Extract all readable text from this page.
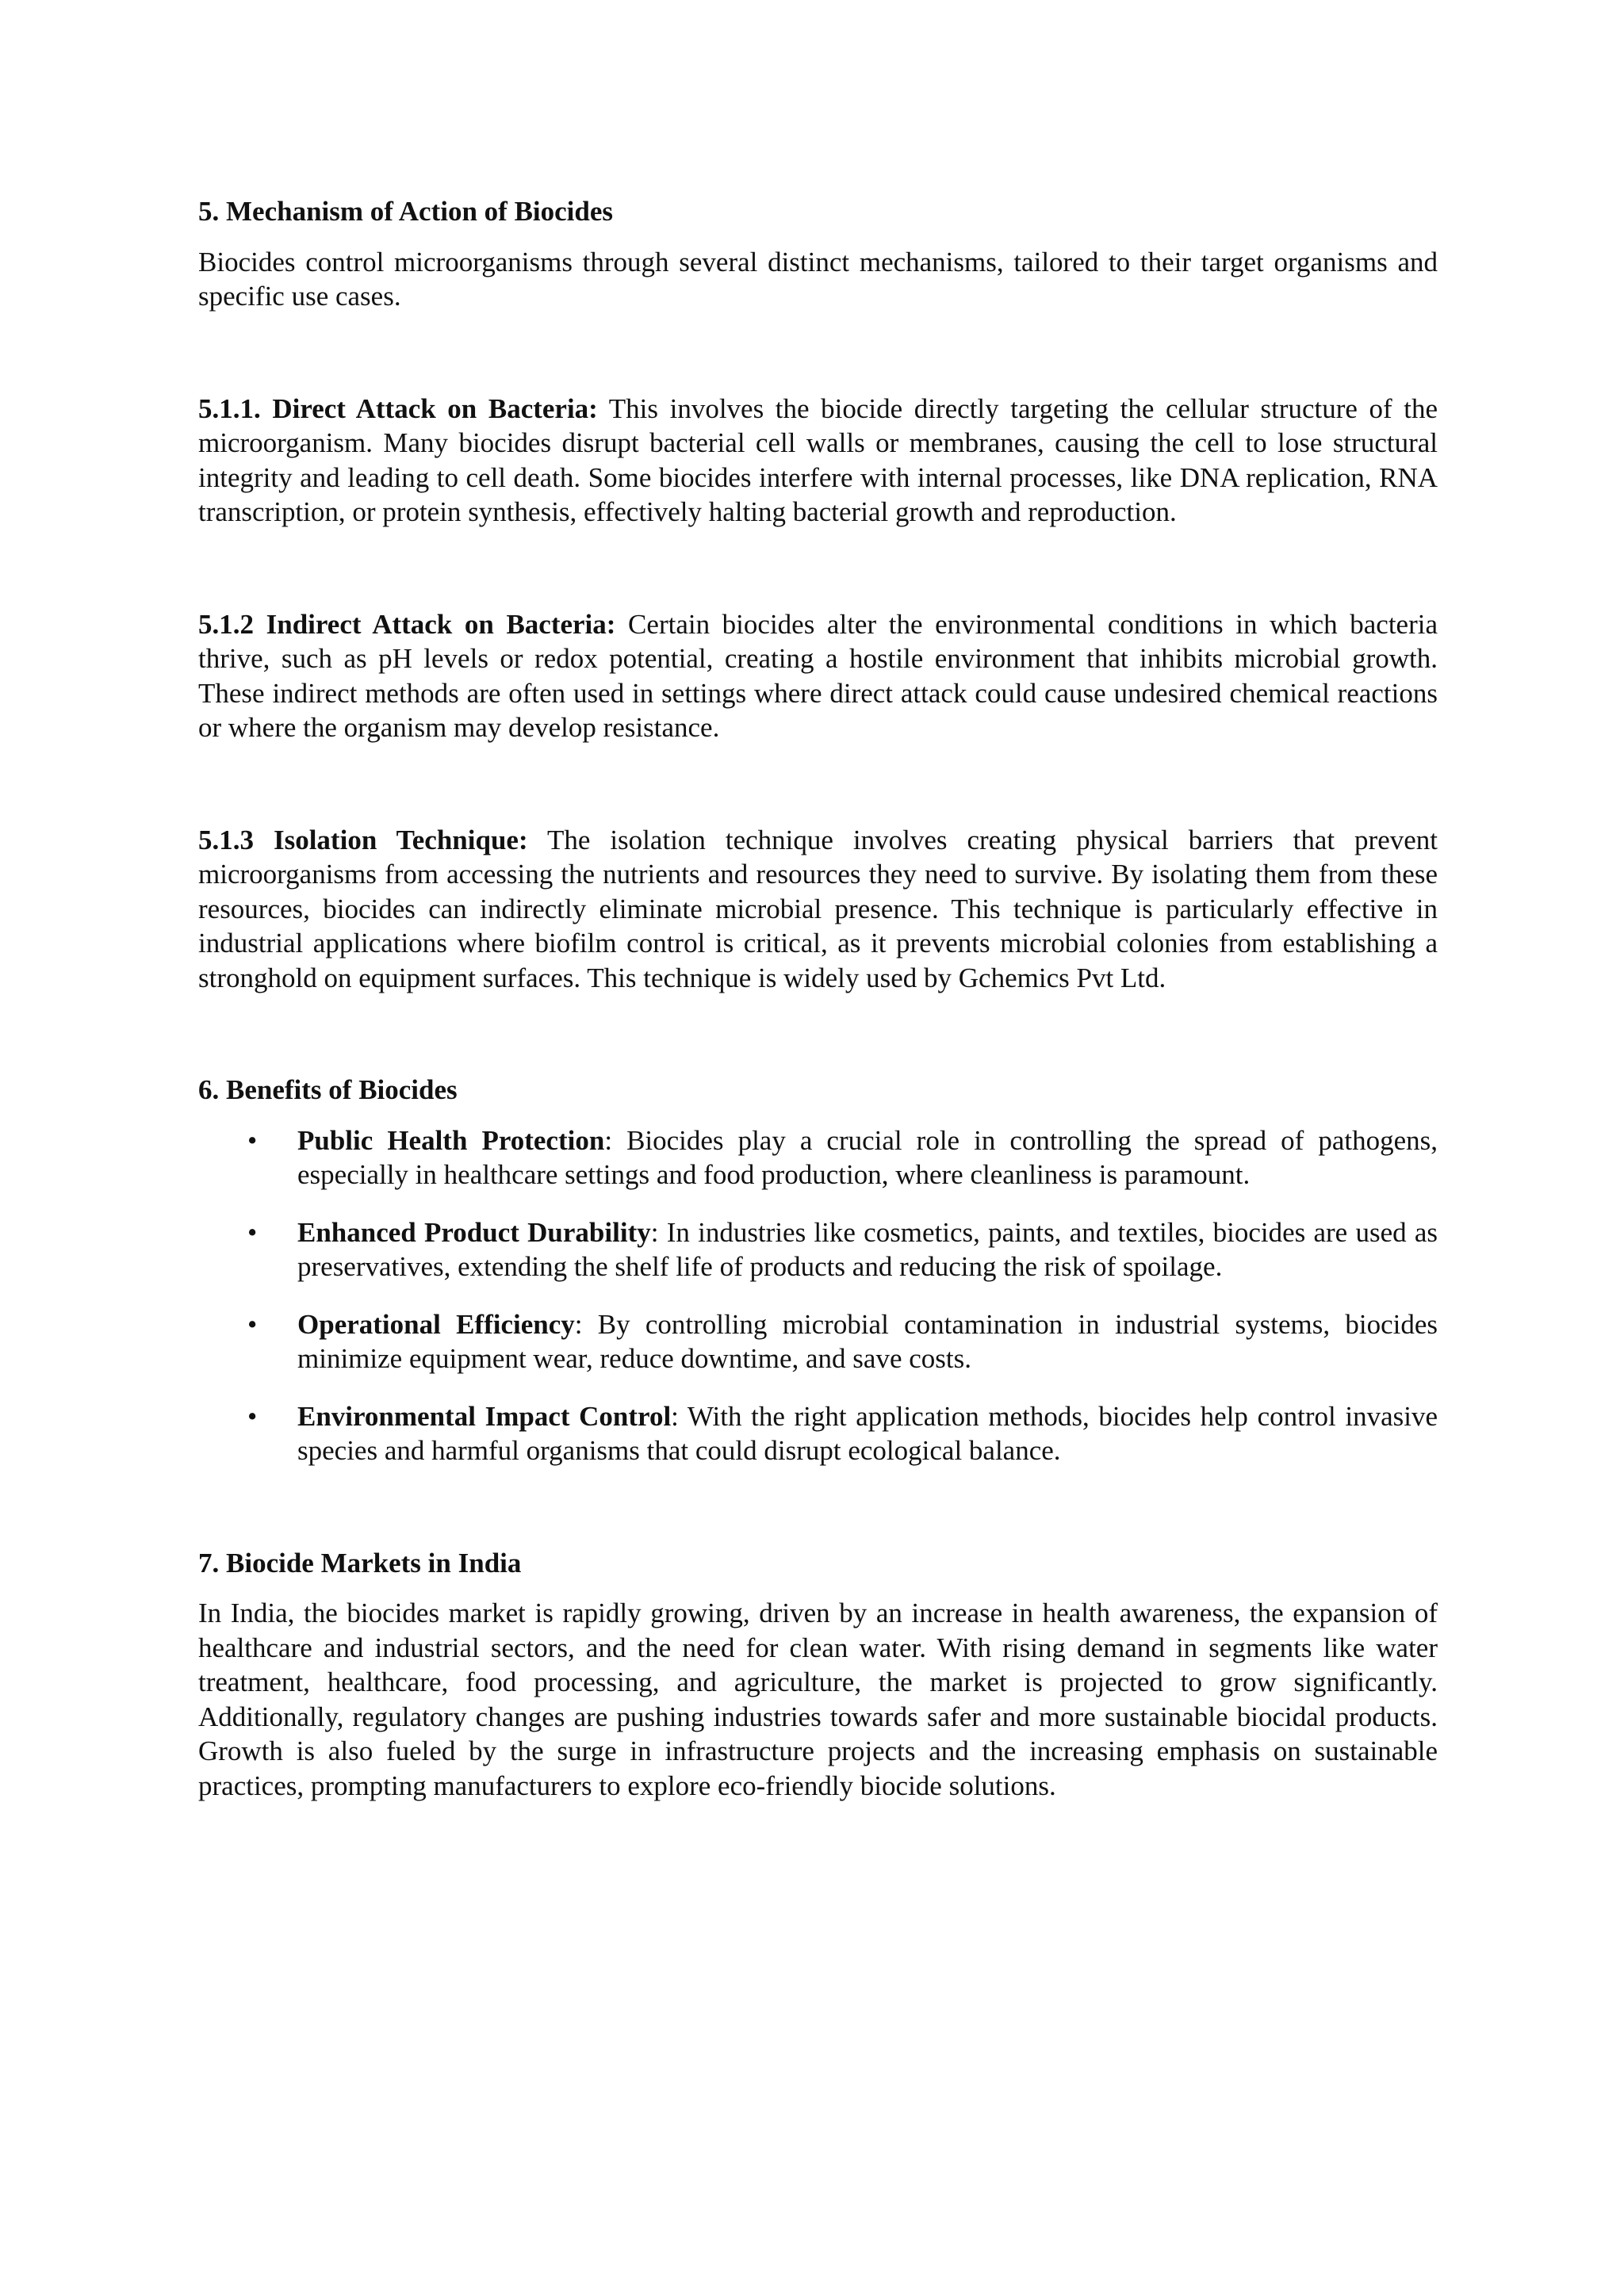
5. Mechanism of Action of Biocides

Biocides control microorganisms through several distinct mechanisms, tailored to their target organisms and specific use cases.

5.1.1. Direct Attack on Bacteria: This involves the biocide directly targeting the cellular structure of the microorganism. Many biocides disrupt bacterial cell walls or membranes, causing the cell to lose structural integrity and leading to cell death. Some biocides interfere with internal processes, like DNA replication, RNA transcription, or protein synthesis, effectively halting bacterial growth and reproduction.

5.1.2 Indirect Attack on Bacteria: Certain biocides alter the environmental conditions in which bacteria thrive, such as pH levels or redox potential, creating a hostile environment that inhibits microbial growth. These indirect methods are often used in settings where direct attack could cause undesired chemical reactions or where the organism may develop resistance.

5.1.3 Isolation Technique: The isolation technique involves creating physical barriers that prevent microorganisms from accessing the nutrients and resources they need to survive. By isolating them from these resources, biocides can indirectly eliminate microbial presence. This technique is particularly effective in industrial applications where biofilm control is critical, as it prevents microbial colonies from establishing a stronghold on equipment surfaces. This technique is widely used by Gchemics Pvt Ltd.

6. Benefits of Biocides
• Public Health Protection: Biocides play a crucial role in controlling the spread of pathogens, especially in healthcare settings and food production, where cleanliness is paramount.
• Enhanced Product Durability: In industries like cosmetics, paints, and textiles, biocides are used as preservatives, extending the shelf life of products and reducing the risk of spoilage.
• Operational Efficiency: By controlling microbial contamination in industrial systems, biocides minimize equipment wear, reduce downtime, and save costs.
• Environmental Impact Control: With the right application methods, biocides help control invasive species and harmful organisms that could disrupt ecological balance.
7. Biocide Markets in India

In India, the biocides market is rapidly growing, driven by an increase in health awareness, the expansion of healthcare and industrial sectors, and the need for clean water. With rising demand in segments like water treatment, healthcare, food processing, and agriculture, the market is projected to grow significantly. Additionally, regulatory changes are pushing industries towards safer and more sustainable biocidal products. Growth is also fueled by the surge in infrastructure projects and the increasing emphasis on sustainable practices, prompting manufacturers to explore eco-friendly biocide solutions.
